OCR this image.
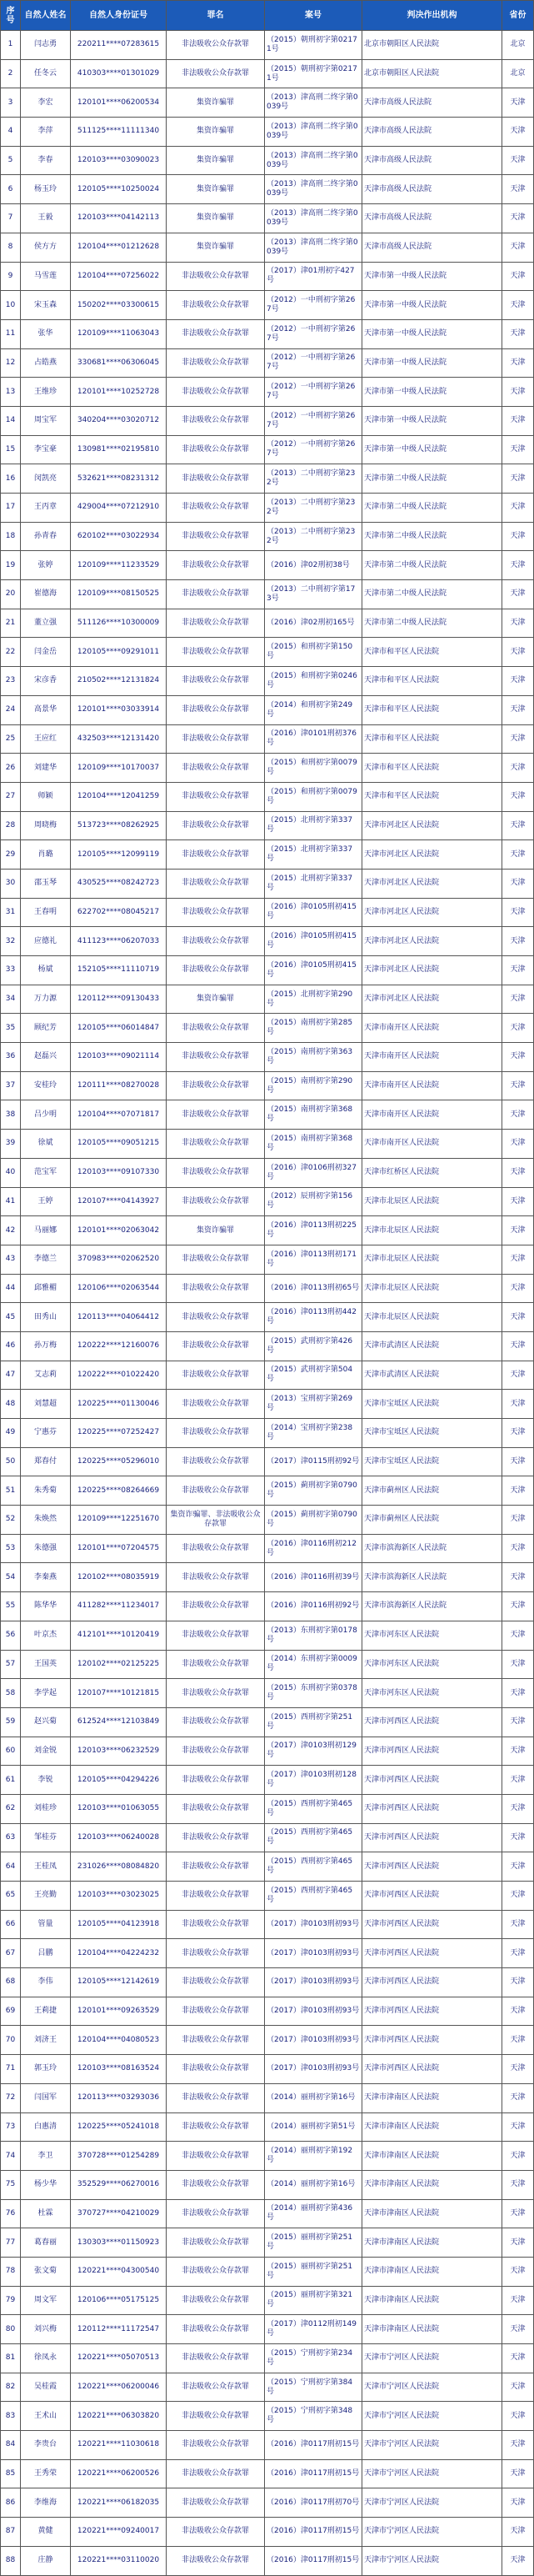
序号	自然人姓名	自然人身份证号	罪名	案号	判决作出机构	省份
1	闫志勇	220211****07283615	非法吸收公众存款罪	（2015）朝刑初字第02171号	北京市朝阳区人民法院	北京
2	任冬云	410303****01301029	非法吸收公众存款罪	（2015）朝刑初字第02171号	北京市朝阳区人民法院	北京
3	李宏	120101****06200534	集资诈骗罪	（2013）津高刑二终字第0039号	天津市高级人民法院	天津
4	李萍	511125****11111340	集资诈骗罪	（2013）津高刑二终字第0039号	天津市高级人民法院	天津
5	李春	120103****03090023	集资诈骗罪	（2013）津高刑二终字第0039号	天津市高级人民法院	天津
6	杨玉玲	120105****10250024	集资诈骗罪	（2013）津高刑二终字第0039号	天津市高级人民法院	天津
7	王毅	120103****04142113	集资诈骗罪	（2013）津高刑二终字第0039号	天津市高级人民法院	天津
8	侯方方	120104****01212628	集资诈骗罪	（2013）津高刑二终字第0039号	天津市高级人民法院	天津
9	马雪莲	120104****07256022	非法吸收公众存款罪	（2017）津01刑初字427号	天津市第一中级人民法院	天津
10	宋玉森	150202****03300615	非法吸收公众存款罪	（2012）一中刑初字第267号	天津市第一中级人民法院	天津
11	张华	120109****11063043	非法吸收公众存款罪	（2012）一中刑初字第267号	天津市第一中级人民法院	天津
12	占皓燕	330681****06306045	非法吸收公众存款罪	（2012）一中刑初字第267号	天津市第一中级人民法院	天津
13	王维珍	120101****10252728	非法吸收公众存款罪	（2012）一中刑初字第267号	天津市第一中级人民法院	天津
14	周宝军	340204****03020712	非法吸收公众存款罪	（2012）一中刑初字第267号	天津市第一中级人民法院	天津
15	李宝豪	130981****02195810	非法吸收公众存款罪	（2012）一中刑初字第267号	天津市第一中级人民法院	天津
16	闵凯亮	532621****08231312	非法吸收公众存款罪	（2013）二中刑初字第232号	天津市第二中级人民法院	天津
17	王丙章	429004****07212910	非法吸收公众存款罪	（2013）二中刑初字第232号	天津市第二中级人民法院	天津
18	孙青春	620102****03022934	非法吸收公众存款罪	（2013）二中刑初字第232号	天津市第二中级人民法院	天津
19	张婷	120109****11233529	非法吸收公众存款罪	（2016）津02刑初38号	天津市第二中级人民法院	天津
20	崔德海	120109****08150525	非法吸收公众存款罪	（2013）二中刑初字第173号	天津市第二中级人民法院	天津
21	董立强	511126****10300009	非法吸收公众存款罪	（2016）津02刑初165号	天津市第二中级人民法院	天津
22	闫金岳	120105****09291011	非法吸收公众存款罪	（2015）和刑初字第150号	天津市和平区人民法院	天津
23	宋彦香	210502****12131824	非法吸收公众存款罪	（2015）和刑初字第0246号	天津市和平区人民法院	天津
24	高景华	120101****03033914	非法吸收公众存款罪	（2014）和刑初字第249号	天津市和平区人民法院	天津
25	王应红	432503****12131420	非法吸收公众存款罪	（2016）津0101刑初376号	天津市和平区人民法院	天津
26	刘建华	120109****10170037	非法吸收公众存款罪	（2015）和刑初字第0079号	天津市和平区人民法院	天津
27	师颖	120104****12041259	非法吸收公众存款罪	（2015）和刑初字第0079号	天津市和平区人民法院	天津
28	周晓梅	513723****08262925	非法吸收公众存款罪	（2015）北刑初字第337号	天津市河北区人民法院	天津
29	肖璐	120105****12099119	非法吸收公众存款罪	（2015）北刑初字第337号	天津市河北区人民法院	天津
30	邵玉琴	430525****08242723	非法吸收公众存款罪	（2015）北刑初字第337号	天津市河北区人民法院	天津
31	王春明	622702****08045217	非法吸收公众存款罪	（2016）津0105刑初415号	天津市河北区人民法院	天津
32	应德礼	411123****06207033	非法吸收公众存款罪	（2016）津0105刑初415号	天津市河北区人民法院	天津
33	杨斌	152105****11110719	非法吸收公众存款罪	（2016）津0105刑初415号	天津市河北区人民法院	天津
34	万力源	120112****09130433	集资诈骗罪	（2015）北刑初字第290号	天津市河北区人民法院	天津
35	顾纪芳	120105****06014847	非法吸收公众存款罪	（2015）南刑初字第285号	天津市南开区人民法院	天津
36	赵磊兴	120103****09021114	非法吸收公众存款罪	（2015）南刑初字第363号	天津市南开区人民法院	天津
37	安桂玲	120111****08270028	非法吸收公众存款罪	（2015）南刑初字第290号	天津市南开区人民法院	天津
38	吕少明	120104****07071817	非法吸收公众存款罪	（2015）南刑初字第368号	天津市南开区人民法院	天津
39	徐斌	120105****09051215	非法吸收公众存款罪	（2015）南刑初字第368号	天津市南开区人民法院	天津
40	范宝军	120103****09107330	非法吸收公众存款罪	（2016）津0106刑初327号	天津市红桥区人民法院	天津
41	王婷	120107****04143927	非法吸收公众存款罪	（2012）辰刑初字第156号	天津市北辰区人民法院	天津
42	马丽娜	120101****02063042	集资诈骗罪	（2016）津0113刑初225号	天津市北辰区人民法院	天津
43	李德兰	370983****02062520	非法吸收公众存款罪	（2016）津0113刑初171号	天津市北辰区人民法院	天津
44	邱雅楣	120106****02063544	非法吸收公众存款罪	（2016）津0113刑初65号	天津市北辰区人民法院	天津
45	田秀山	120113****04064412	非法吸收公众存款罪	（2016）津0113刑初442号	天津市北辰区人民法院	天津
46	孙万梅	120222****12160076	非法吸收公众存款罪	（2015）武刑初字第426号	天津市武清区人民法院	天津
47	艾志莉	120222****01022420	非法吸收公众存款罪	（2015）武刑初字第504号	天津市武清区人民法院	天津
48	刘慧超	120225****01130046	非法吸收公众存款罪	（2013）宝刑初字第269号	天津市宝坻区人民法院	天津
49	宁惠芬	120225****07252427	非法吸收公众存款罪	（2014）宝刑初字第238号	天津市宝坻区人民法院	天津
50	郑春付	120225****05296010	非法吸收公众存款罪	（2017）津0115刑初92号	天津市宝坻区人民法院	天津
51	朱秀菊	120225****08264669	非法吸收公众存款罪	（2015）蓟刑初字第0790号	天津市蓟州区人民法院	天津
52	朱焕然	120109****12251670	集资诈骗罪、非法吸收公众存款罪	（2015）蓟刑初字第0790号	天津市蓟州区人民法院	天津
53	朱德强	120101****07204575	非法吸收公众存款罪	（2016）津0116刑初212号	天津市滨海新区人民法院	天津
54	李秦燕	120102****08035919	非法吸收公众存款罪	（2016）津0116刑初39号	天津市滨海新区人民法院	天津
55	陈华华	411282****11234017	非法吸收公众存款罪	（2016）津0116刑初92号	天津市滨海新区人民法院	天津
56	叶京杰	412101****10120419	非法吸收公众存款罪	（2013）东刑初字第0178号	天津市河东区人民法院	天津
57	王国英	120102****02125225	非法吸收公众存款罪	（2014）东刑初字第0009号	天津市河东区人民法院	天津
58	李学起	120107****10121815	非法吸收公众存款罪	（2015）东刑初字第0378号	天津市河东区人民法院	天津
59	赵兴菊	612524****12103849	非法吸收公众存款罪	（2015）西刑初字第251号	天津市河西区人民法院	天津
60	刘金锐	120103****06232529	非法吸收公众存款罪	（2017）津0103刑初129号	天津市河西区人民法院	天津
61	李锐	120105****04294226	非法吸收公众存款罪	（2017）津0103刑初128号	天津市河西区人民法院	天津
62	刘桂珍	120103****01063055	非法吸收公众存款罪	（2015）西刑初字第465号	天津市河西区人民法院	天津
63	邹桂芬	120103****06240028	非法吸收公众存款罪	（2015）西刑初字第465号	天津市河西区人民法院	天津
64	王桂凤	231026****08084820	非法吸收公众存款罪	（2015）西刑初字第465号	天津市河西区人民法院	天津
65	王亮勤	120103****03023025	非法吸收公众存款罪	（2015）西刑初字第465号	天津市河西区人民法院	天津
66	管量	120105****04123918	非法吸收公众存款罪	（2017）津0103刑初93号	天津市河西区人民法院	天津
67	吕鹏	120104****04224232	非法吸收公众存款罪	（2017）津0103刑初93号	天津市河西区人民法院	天津
68	李伟	120105****12142619	非法吸收公众存款罪	（2017）津0103刑初93号	天津市河西区人民法院	天津
69	王莉捷	120101****09263529	非法吸收公众存款罪	（2017）津0103刑初93号	天津市河西区人民法院	天津
70	刘济王	120104****04080523	非法吸收公众存款罪	（2017）津0103刑初93号	天津市河西区人民法院	天津
71	郭玉玲	120103****08163524	非法吸收公众存款罪	（2017）津0103刑初93号	天津市河西区人民法院	天津
72	闫国军	120113****03293036	非法吸收公众存款罪	（2014）丽刑初字第16号	天津市津南区人民法院	天津
73	白惠清	120225****05241018	非法吸收公众存款罪	（2014）丽刑初字第51号	天津市津南区人民法院	天津
74	李卫	370728****01254289	非法吸收公众存款罪	（2014）丽刑初字第192号	天津市津南区人民法院	天津
75	杨少华	352529****06270016	非法吸收公众存款罪	（2014）丽刑初字第16号	天津市津南区人民法院	天津
76	杜霖	370727****04210029	非法吸收公众存款罪	（2014）丽刑初字第436号	天津市津南区人民法院	天津
77	葛春丽	130303****01150923	非法吸收公众存款罪	（2015）丽刑初字第251号	天津市津南区人民法院	天津
78	张文菊	120221****04300540	非法吸收公众存款罪	（2015）丽刑初字第251号	天津市津南区人民法院	天津
79	周文军	120106****05175125	非法吸收公众存款罪	（2015）丽刑初字第321号	天津市津南区人民法院	天津
80	刘兴梅	120112****11172547	非法吸收公众存款罪	（2017）津0112刑初149号	天津市津南区人民法院	天津
81	徐凤永	120221****05070513	非法吸收公众存款罪	（2015）宁刑初字第234号	天津市宁河区人民法院	天津
82	吴桂霞	120221****06200046	非法吸收公众存款罪	（2015）宁刑初字第384号	天津市宁河区人民法院	天津
83	王术山	120221****06303820	非法吸收公众存款罪	（2015）宁刑初字第348号	天津市宁河区人民法院	天津
84	李贵台	120221****11030618	非法吸收公众存款罪	（2016）津0117刑初15号	天津市宁河区人民法院	天津
85	王秀荣	120221****06200526	非法吸收公众存款罪	（2016）津0117刑初15号	天津市宁河区人民法院	天津
86	李维海	120221****06182035	非法吸收公众存款罪	（2016）津0117刑初70号	天津市宁河区人民法院	天津
87	黄健	120221****09240017	非法吸收公众存款罪	（2016）津0117刑初15号	天津市宁河区人民法院	天津
88	庄静	120221****03110020	非法吸收公众存款罪	（2016）津0117刑初15号	天津市宁河区人民法院	天津
